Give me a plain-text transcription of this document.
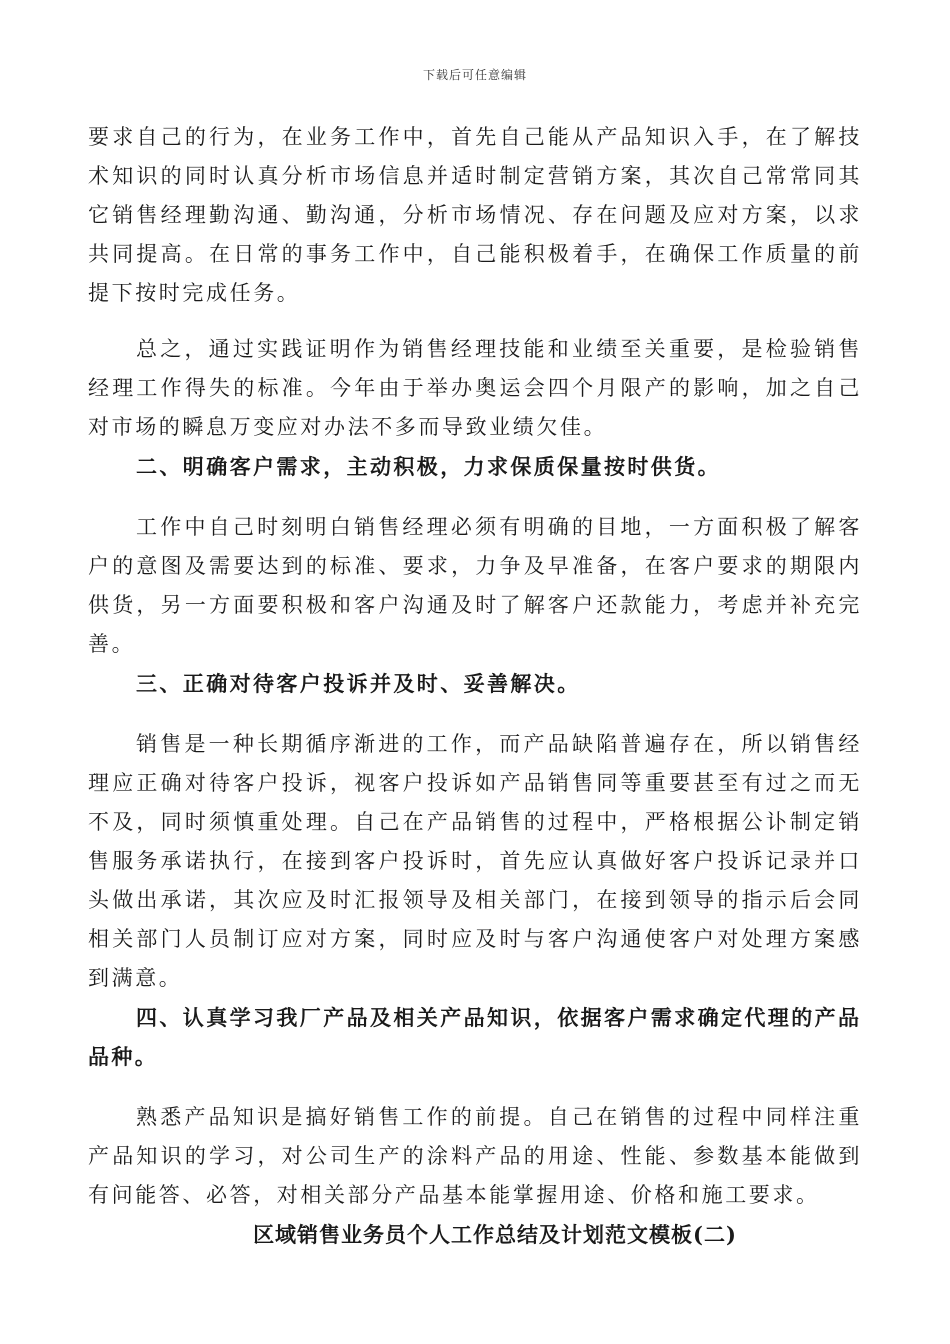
下载后可任意编辑

要求自己的行为，在业务工作中，首先自己能从产品知识入手，在了解技术知识的同时认真分析市场信息并适时制定营销方案，其次自己常常同其它销售经理勤沟通、勤沟通，分析市场情况、存在问题及应对方案，以求共同提高。在日常的事务工作中，自己能积极着手，在确保工作质量的前提下按时完成任务。

总之，通过实践证明作为销售经理技能和业绩至关重要，是检验销售经理工作得失的标准。今年由于举办奥运会四个月限产的影响，加之自己对市场的瞬息万变应对办法不多而导致业绩欠佳。

二、明确客户需求，主动积极，力求保质保量按时供货。

工作中自己时刻明白销售经理必须有明确的目地，一方面积极了解客户的意图及需要达到的标准、要求，力争及早准备，在客户要求的期限内供货，另一方面要积极和客户沟通及时了解客户还款能力，考虑并补充完善。

三、正确对待客户投诉并及时、妥善解决。

销售是一种长期循序渐进的工作，而产品缺陷普遍存在，所以销售经理应正确对待客户投诉，视客户投诉如产品销售同等重要甚至有过之而无不及，同时须慎重处理。自己在产品销售的过程中，严格根据公讣制定销售服务承诺执行，在接到客户投诉时，首先应认真做好客户投诉记录并口头做出承诺，其次应及时汇报领导及相关部门，在接到领导的指示后会同相关部门人员制订应对方案，同时应及时与客户沟通使客户对处理方案感到满意。

四、认真学习我厂产品及相关产品知识，依据客户需求确定代理的产品品种。

熟悉产品知识是搞好销售工作的前提。自己在销售的过程中同样注重产品知识的学习，对公司生产的涂料产品的用途、性能、参数基本能做到有问能答、必答，对相关部分产品基本能掌握用途、价格和施工要求。

区域销售业务员个人工作总结及计划范文模板(二)
